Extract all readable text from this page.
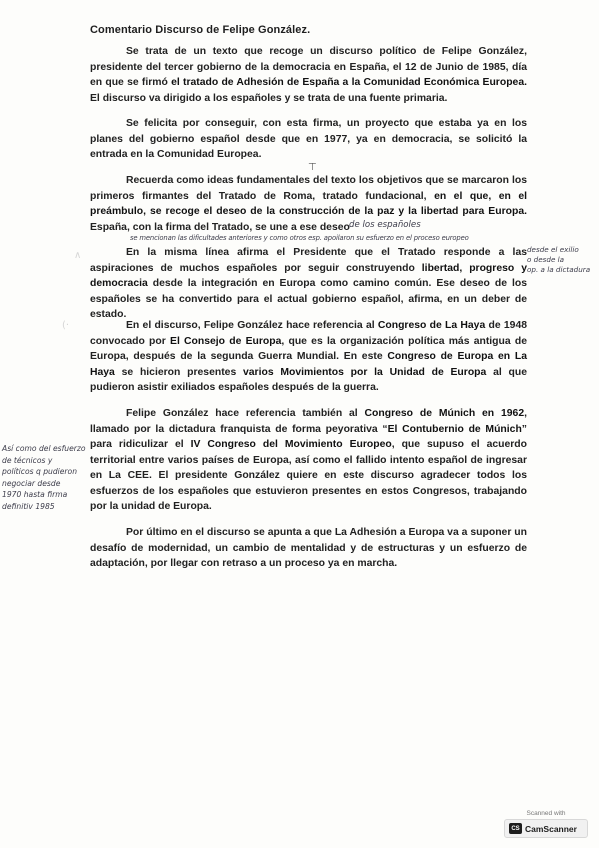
Comentario Discurso de Felipe González.
Se trata de un texto que recoge un discurso político de Felipe González, presidente del tercer gobierno de la democracia en España, el 12 de Junio de 1985, día en que se firmó el tratado de Adhesión de España a la Comunidad Económica Europea. El discurso va dirigido a los españoles y se trata de una fuente primaria.
Se felicita por conseguir, con esta firma, un proyecto que estaba ya en los planes del gobierno español desde que en 1977, ya en democracia, se solicitó la entrada en la Comunidad Europea.
Recuerda como ideas fundamentales del texto los objetivos que se marcaron los primeros firmantes del Tratado de Roma, tratado fundacional, en el que, en el preámbulo, se recoge el deseo de la construcción de la paz y la libertad para Europa. España, con la firma del Tratado, se une a ese deseo
En la misma línea afirma el Presidente que el Tratado responde a las aspiraciones de muchos españoles por seguir construyendo libertad, progreso y democracia desde la integración en Europa como camino común. Ese deseo de los españoles se ha convertido para el actual gobierno español, afirma, en un deber de estado.
En el discurso, Felipe González hace referencia al Congreso de La Haya de 1948 convocado por El Consejo de Europa, que es la organización política más antigua de Europa, después de la segunda Guerra Mundial. En este Congreso de Europa en La Haya se hicieron presentes varios Movimientos por la Unidad de Europa al que pudieron asistir exiliados españoles después de la guerra.
Felipe González hace referencia también al Congreso de Múnich en 1962, llamado por la dictadura franquista de forma peyorativa “El Contubernio de Múnich” para ridiculizar el IV Congreso del Movimiento Europeo, que supuso el acuerdo territorial entre varios países de Europa, así como el fallido intento español de ingresar en La CEE. El presidente González quiere en este discurso agradecer todos los esfuerzos de los españoles que estuvieron presentes en estos Congresos, trabajando por la unidad de Europa.
Por último en el discurso se apunta a que La Adhesión a Europa va a suponer un desafío de modernidad, un cambio de mentalidad y de estructuras y un esfuerzo de adaptación, por llegar con retraso a un proceso ya en marcha.
de los españoles
se mencionan las dificultades anteriores y como otros esp. apoilaron su esfuerzo en el proceso europeo
desde el exilio
o desde la
op. a la dictadura
Así como del esfuerzo
de técnicos y
políticos q pudieron
negociar desde
1970 hasta firma
definitiv 1985
∧
(·
⊤
Scanned with
CS CamScanner
